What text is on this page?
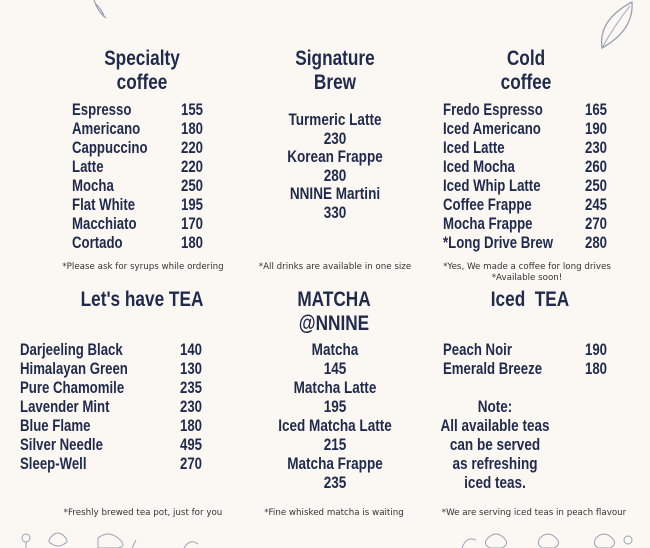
Specialty
coffee
Espresso	155
Americano 180
Cappuccino 220
Latte	220
Mocha	250
Flat White	195
Macchiato	170
Cortado	180
*Please ask for syrups while ordering
Signature
Brew
Turmeric Latte
230
Korean Frappe
280
NNINE Martini
330
*All drinks are available in one size
Cold
coffee
Fredo Espresso	165
Iced Americano	190
Iced Latte	230
Iced Mocha	260
Iced Whip Latte	250
Coffee Frappe	245
Mocha Frappe	270
*Long Drive Brew 280
*Yes, We made a coffee for long drives
*Available soon!
Let's have TEA
Darjeeling Black	140
Himalayan Green	130
Pure Chamomile	235
Lavender Mint	230
Blue Flame	180
Silver Needle	495
Sleep-Well	270
*Freshly brewed tea pot, just for you
MATCHA
@NNINE
Matcha
145
Matcha Latte
195
Iced Matcha Latte
215
Matcha Frappe
235
*Fine whisked matcha is waiting
Iced  TEA
Peach Noir	190
Emerald Breeze	180
Note:
All available teas
can be served
as refreshing
iced teas.
*We are serving iced teas in peach flavour
